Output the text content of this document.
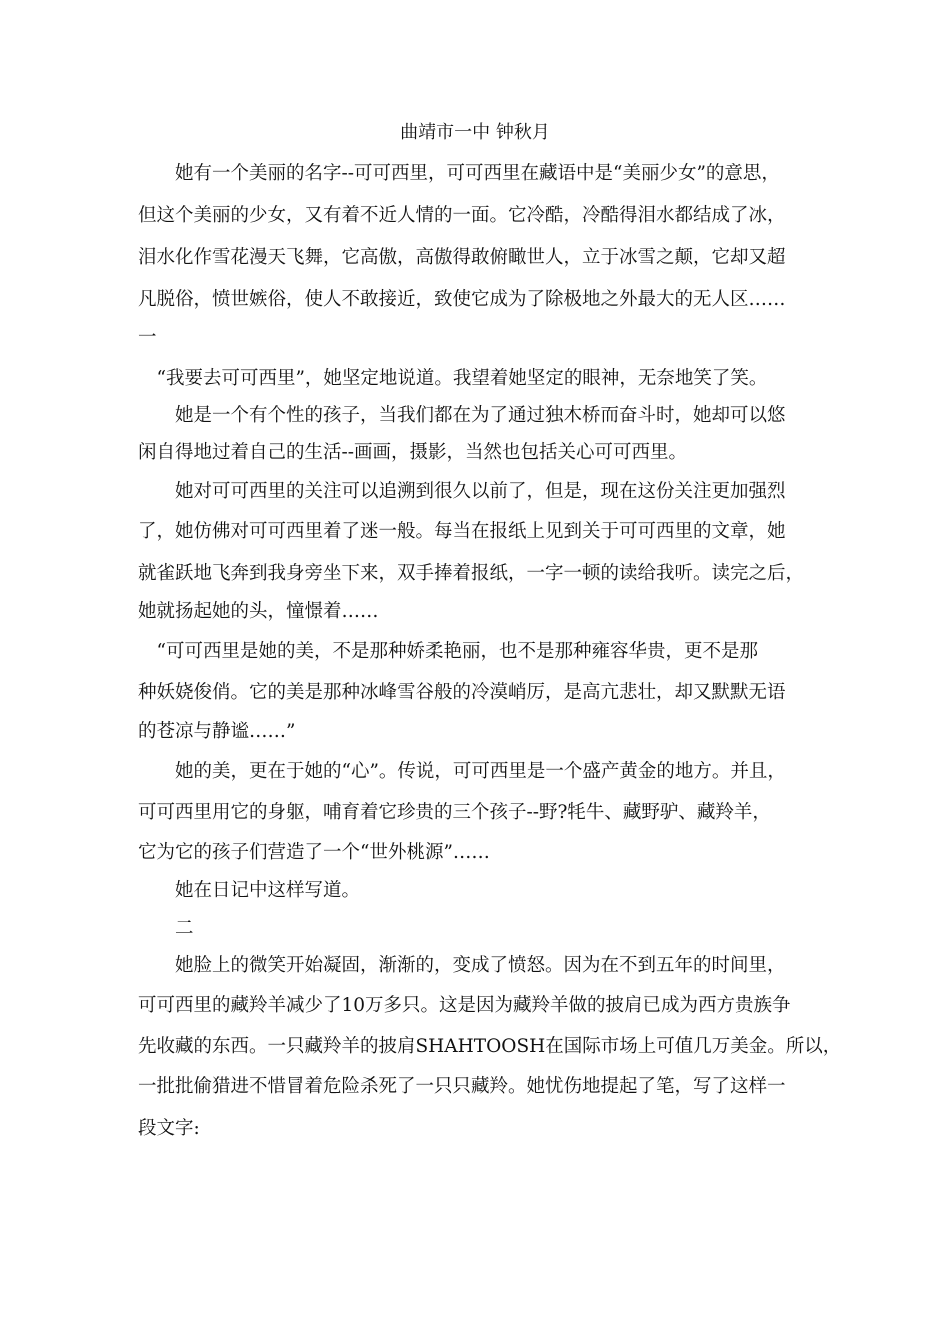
曲靖市一中 钟秋月
　　她有一个美丽的名字--可可西里，可可西里在藏语中是“美丽少女”的意思，
但这个美丽的少女，又有着不近人情的一面。它冷酷，冷酷得泪水都结成了冰，
泪水化作雪花漫天飞舞，它高傲，高傲得敢俯瞰世人，立于冰雪之颠，它却又超
凡脱俗，愤世嫉俗，使人不敢接近，致使它成为了除极地之外最大的无人区……
一
　“我要去可可西里”，她坚定地说道。我望着她坚定的眼神，无奈地笑了笑。
　　她是一个有个性的孩子，当我们都在为了通过独木桥而奋斗时，她却可以悠
闲自得地过着自己的生活--画画，摄影，当然也包括关心可可西里。
　　她对可可西里的关注可以追溯到很久以前了，但是，现在这份关注更加强烈
了，她仿佛对可可西里着了迷一般。每当在报纸上见到关于可可西里的文章，她
就雀跃地飞奔到我身旁坐下来，双手捧着报纸，一字一顿的读给我听。读完之后，
她就扬起她的头，憧憬着……
　“可可西里是她的美，不是那种娇柔艳丽，也不是那种雍容华贵，更不是那
种妖娆俊俏。它的美是那种冰峰雪谷般的冷漠峭厉，是高亢悲壮，却又默默无语
的苍凉与静谧……”
　　她的美，更在于她的“心”。传说，可可西里是一个盛产黄金的地方。并且，
可可西里用它的身躯，哺育着它珍贵的三个孩子--野?牦牛、藏野驴、藏羚羊，
它为它的孩子们营造了一个“世外桃源”……
　　她在日记中这样写道。
　　二
　　她脸上的微笑开始凝固，渐渐的，变成了愤怒。因为在不到五年的时间里，
可可西里的藏羚羊减少了10万多只。这是因为藏羚羊做的披肩已成为西方贵族争
先收藏的东西。一只藏羚羊的披肩SHAHTOOSH在国际市场上可值几万美金。所以，
一批批偷猎进不惜冒着危险杀死了一只只藏羚。她忧伤地提起了笔，写了这样一
段文字:
